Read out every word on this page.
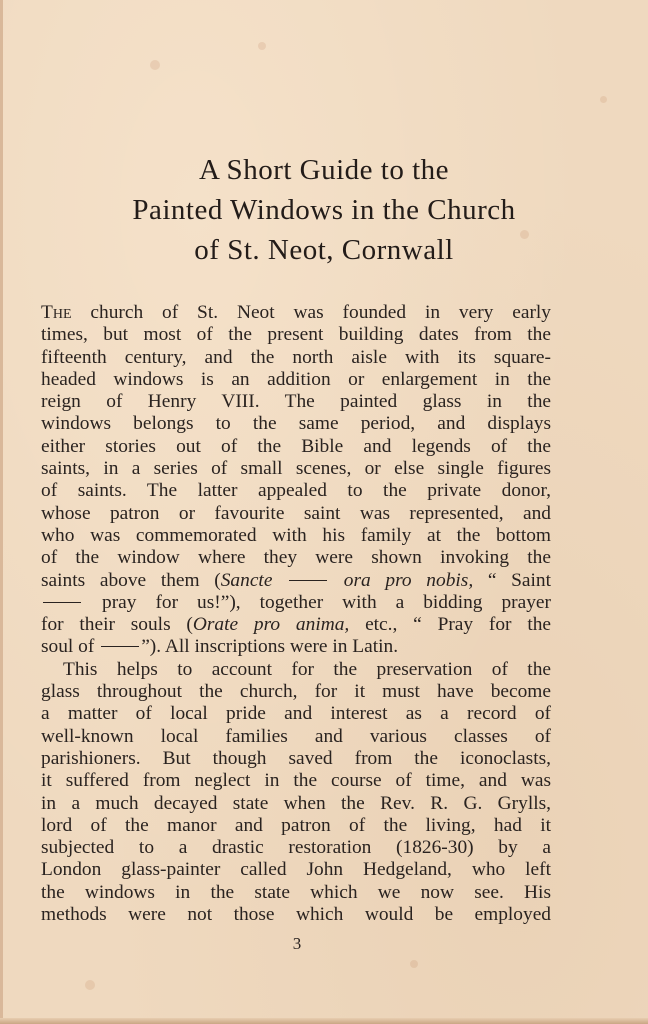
A Short Guide to the
Painted Windows in the Church
of St. Neot, Cornwall
The church of St. Neot was founded in very early
times, but most of the present building dates from the
fifteenth century, and the north aisle with its square-
headed windows is an addition or enlargement in the
reign of Henry VIII. The painted glass in the
windows belongs to the same period, and displays
either stories out of the Bible and legends of the
saints, in a series of small scenes, or else single figures
of saints. The latter appealed to the private donor,
whose patron or favourite saint was represented, and
who was commemorated with his family at the bottom
of the window where they were shown invoking the
saints above them (Sancte	ora pro nobis, “ Saint
pray for us!”), together with a bidding prayer
for their souls (Orate pro anima, etc., “ Pray for the
soul of ”). All inscriptions were in Latin.
This helps to account for the preservation of the
glass throughout the church, for it must have become
a matter of local pride and interest as a record of
well-known local families and various classes of
parishioners. But though saved from the iconoclasts,
it suffered from neglect in the course of time, and was
in a much decayed state when the Rev. R. G. Grylls,
lord of the manor and patron of the living, had it
subjected to a drastic restoration (1826-30) by a
London glass-painter called John Hedgeland, who left
the windows in the state which we now see. His
methods were not those which would be employed
3
